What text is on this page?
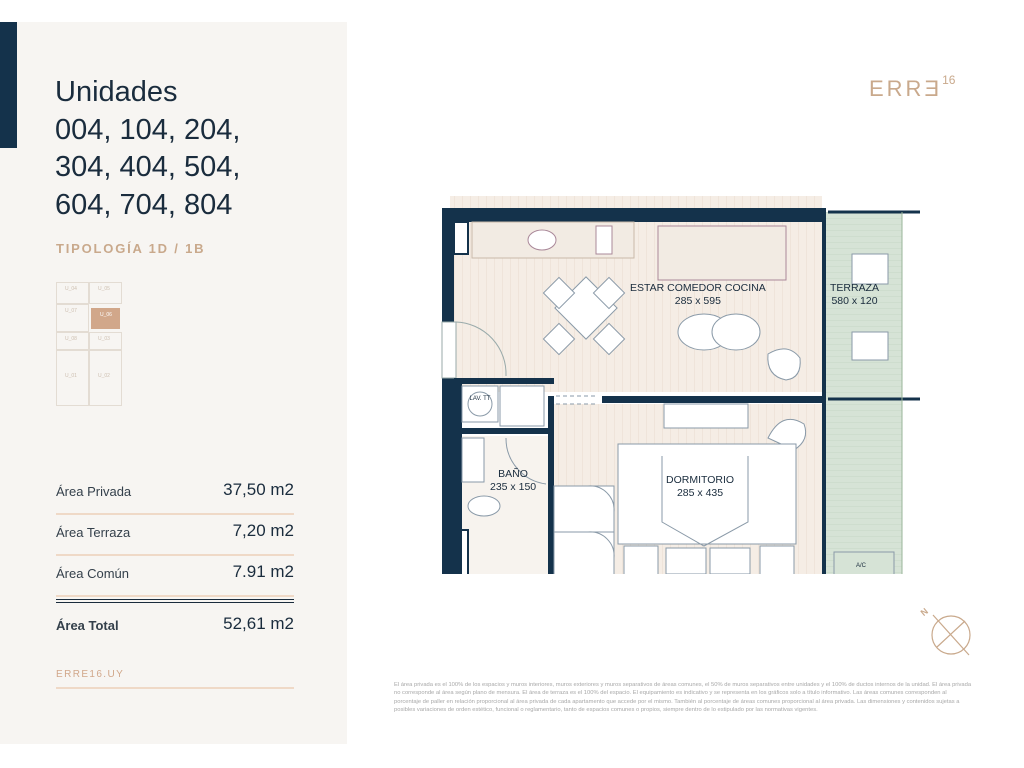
Unidades
004, 104, 204,
304, 404, 504,
604, 704, 804
TIPOLOGÍA 1D / 1B
U_04	U_05
U_07
U_06
U_08	U_03
U_01	U_02
Área Privada	37,50 m2
Área Terraza	7,20 m2
Área Común	7.91 m2
Área Total	52,61 m2
ERRE16.UY
ERRƎ$^{16}$
ESTAR COMEDOR COCINA
285 x 595
TERRAZA
580 x 120
BAÑO
235 x 150
DORMITORIO
285 x 435
LAV. TT
A/C
N
El área privada es el 100% de los espacios y muros interiores, muros exteriores y muros separativos de áreas comunes, el 50% de muros separativos entre unidades y el 100% de ductos internos de la unidad. El área privada no corresponde al área según plano de mensura. El área de terraza es el 100% del espacio. El equipamiento es indicativo y se representa en los gráficos solo a título informativo. Las áreas comunes corresponden al porcentaje de paller en relación proporcional al área privada de cada apartamento que accede por el mismo. También al porcentaje de áreas comunes proporcional al área privada. Las dimensiones y contenidos sujetas a posibles variaciones de orden estético, funcional o reglamentario, tanto de espacios comunes o propios, siempre dentro de lo estipulado por las normativas vigentes.
